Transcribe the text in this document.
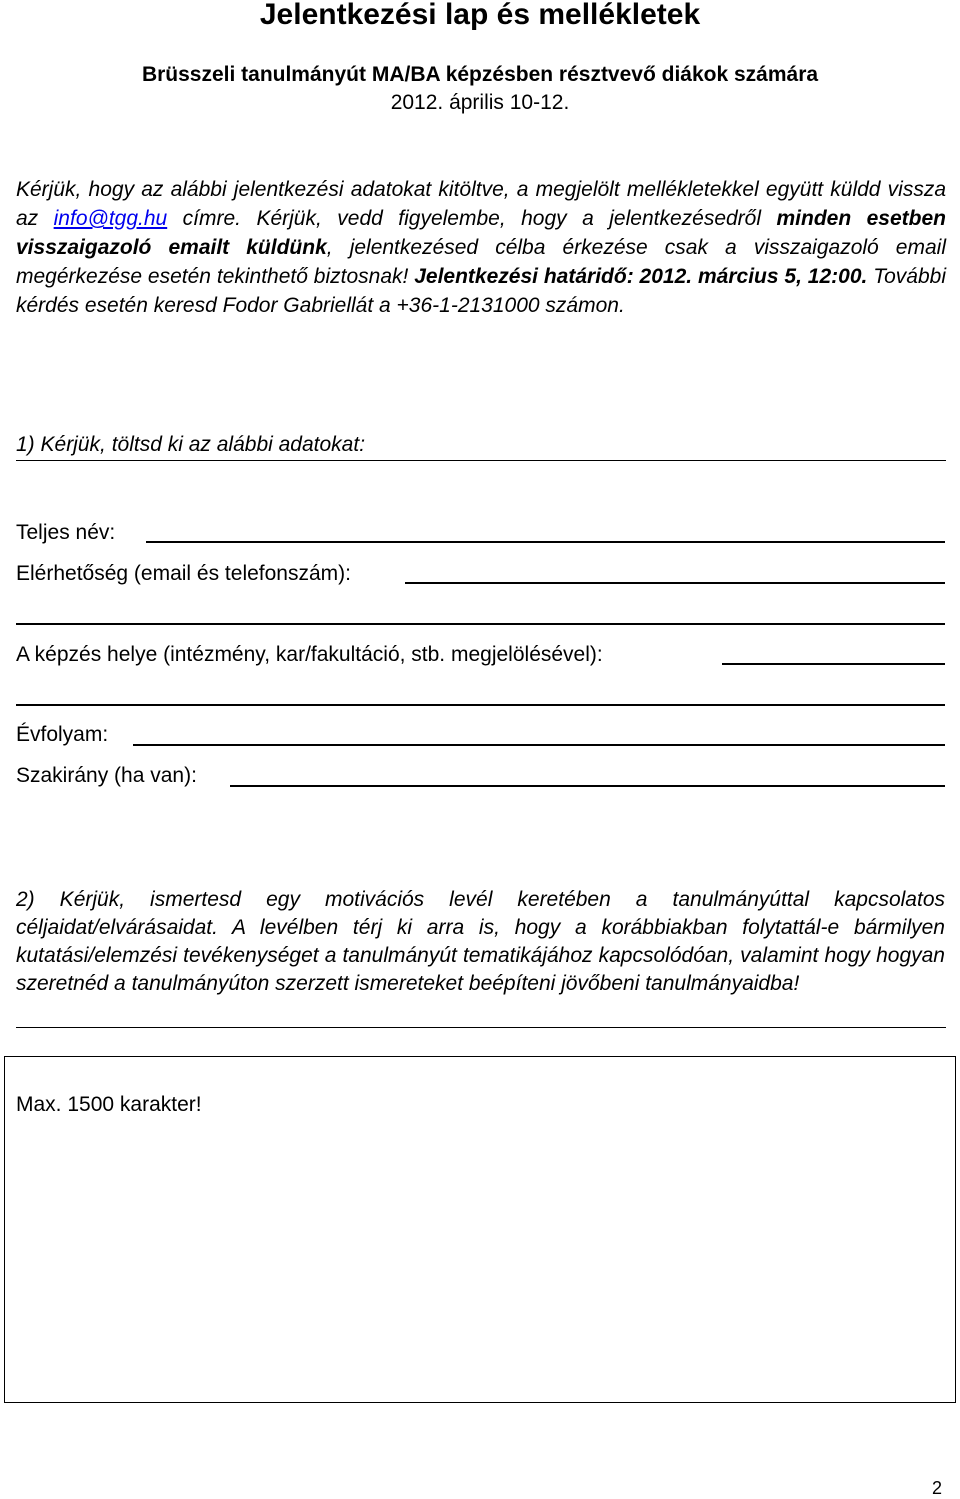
Jelentkezési lap és mellékletek
Brüsszeli tanulmányút MA/BA képzésben résztvevő diákok számára
2012. április 10-12.
Kérjük, hogy az alábbi jelentkezési adatokat kitöltve, a megjelölt mellékletekkel együtt küldd vissza az info@tgg.hu címre. Kérjük, vedd figyelembe, hogy a jelentkezésedről minden esetben visszaigazoló emailt küldünk, jelentkezésed célba érkezése csak a visszaigazoló email megérkezése esetén tekinthető biztosnak! Jelentkezési határidő: 2012. március 5, 12:00. További kérdés esetén keresd Fodor Gabriellát a +36-1-2131000 számon.
1) Kérjük, töltsd ki az alábbi adatokat:
Teljes név:
Elérhetőség (email és telefonszám):
A képzés helye (intézmény, kar/fakultáció, stb. megjelölésével):
Évfolyam:
Szakirány (ha van):
2) Kérjük, ismertesd egy motivációs levél keretében a tanulmányúttal kapcsolatos céljaidat/elvárásaidat. A levélben térj ki arra is, hogy a korábbiakban folytattál-e bármilyen kutatási/elemzési tevékenységet a tanulmányút tematikájához kapcsolódóan, valamint hogy hogyan szeretnéd a tanulmányúton szerzett ismereteket beépíteni jövőbeni tanulmányaidba!
Max. 1500 karakter!
2
